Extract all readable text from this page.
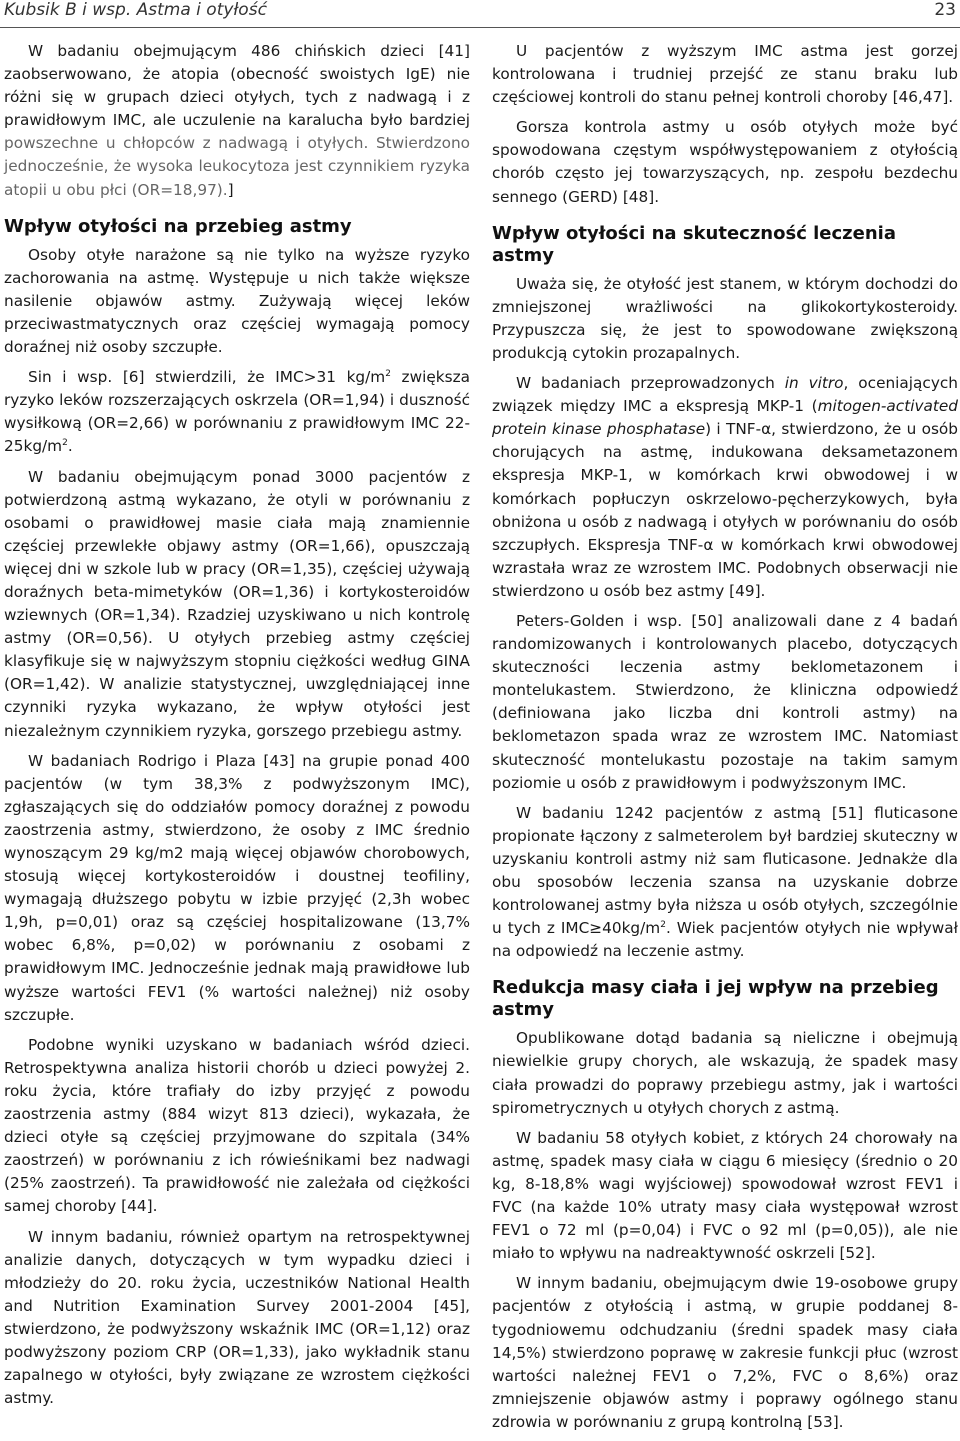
Kubsik B i wsp. Astma i otyłość	23

W badaniu obejmującym 486 chińskich dzieci [41] zaobserwowano, że atopia (obecność swoistych IgE) nie różni się w grupach dzieci otyłych, tych z nadwagą i z prawidłowym IMC, ale uczulenie na karalucha było bardziej powszechne u chłopców z nadwagą i otyłych. Stwierdzono jednocześnie, że wysoka leukocytoza jest czynnikiem ryzyka atopii u obu płci (OR=18,97).]

Wpływ otyłości na przebieg astmy

Osoby otyłe narażone są nie tylko na wyższe ryzyko zachorowania na astmę. Występuje u nich także większe nasilenie objawów astmy. Zużywają więcej leków przeciwastmatycznych oraz częściej wymagają pomocy doraźnej niż osoby szczupłe.

Sin i wsp. [6] stwierdzili, że IMC>31 $kg/m^2$ zwiększa ryzyko leków rozszerzających oskrzela (OR=1,94) i duszność wysiłkową (OR=2,66) w porównaniu z prawidłowym IMC $22-25kg/m^2$.

W badaniu obejmującym ponad 3000 pacjentów z potwierdzoną astmą wykazano, że otyli w porównaniu z osobami o prawidłowej masie ciała mają znamiennie częściej przewlekłe objawy astmy (OR=1,66), opuszczają więcej dni w szkole lub w pracy (OR=1,35), częściej używają doraźnych beta-mimetyków (OR=1,36) i kortykosteroidów wziewnych (OR=1,34). Rzadziej uzyskiwano u nich kontrolę astmy (OR=0,56). U otyłych przebieg astmy częściej klasyfikuje się w najwyższym stopniu ciężkości według GINA (OR=1,42). W analizie statystycznej, uwzględniającej inne czynniki ryzyka wykazano, że wpływ otyłości jest niezależnym czynnikiem ryzyka, gorszego przebiegu astmy.

W badaniach Rodrigo i Plaza [43] na grupie ponad 400 pacjentów (w tym 38,3% z podwyższonym IMC), zgłaszających się do oddziałów pomocy doraźnej z powodu zaostrzenia astmy, stwierdzono, że osoby z IMC średnio wynoszącym 29 kg/m2 mają więcej objawów chorobowych, stosują więcej kortykosteroidów i doustnej teofiliny, wymagają dłuższego pobytu w izbie przyjęć (2,3h wobec 1,9h, p=0,01) oraz są częściej hospitalizowane (13,7% wobec 6,8%, p=0,02) w porównaniu z osobami z prawidłowym IMC. Jednocześnie jednak mają prawidłowe lub wyższe wartości FEV1 (% wartości należnej) niż osoby szczupłe.

Podobne wyniki uzyskano w badaniach wśród dzieci. Retrospektywna analiza historii chorób u dzieci powyżej 2. roku życia, które trafiały do izby przyjęć z powodu zaostrzenia astmy (884 wizyt 813 dzieci), wykazała, że dzieci otyłe są częściej przyjmowane do szpitala (34% zaostrzeń) w porównaniu z ich rówieśnikami bez nadwagi (25% zaostrzeń). Ta prawidłowość nie zależała od ciężkości samej choroby [44].

W innym badaniu, również opartym na retrospektywnej analizie danych, dotyczących w tym wypadku dzieci i młodzieży do 20. roku życia, uczestników National Health and Nutrition Examination Survey 2001-2004 [45], stwierdzono, że podwyższony wskaźnik IMC (OR=1,12) oraz podwyższony poziom CRP (OR=1,33), jako wykładnik stanu zapalnego w otyłości, były związane ze wzrostem ciężkości astmy.

U pacjentów z wyższym IMC astma jest gorzej kontrolowana i trudniej przejść ze stanu braku lub częściowej kontroli do stanu pełnej kontroli choroby [46,47].

Gorsza kontrola astmy u osób otyłych może być spowodowana częstym współwystępowaniem z otyłością chorób często jej towarzyszących, np. zespołu bezdechu sennego (GERD) [48].

Wpływ otyłości na skuteczność leczenia astmy

Uważa się, że otyłość jest stanem, w którym dochodzi do zmniejszonej wrażliwości na glikokortykosteroidy. Przypuszcza się, że jest to spowodowane zwiększoną produkcją cytokin prozapalnych.

W badaniach przeprowadzonych in vitro, oceniających związek między IMC a ekspresją MKP-1 (mitogen-activated protein kinase phosphatase) i TNF-α, stwierdzono, że u osób chorujących na astmę, indukowana deksametazonem ekspresja MKP-1, w komórkach krwi obwodowej i w komórkach popłuczyn oskrzelowo-pęcherzykowych, była obniżona u osób z nadwagą i otyłych w porównaniu do osób szczupłych. Ekspresja TNF-α w komórkach krwi obwodowej wzrastała wraz ze wzrostem IMC. Podobnych obserwacji nie stwierdzono u osób bez astmy [49].

Peters-Golden i wsp. [50] analizowali dane z 4 badań randomizowanych i kontrolowanych placebo, dotyczących skuteczności leczenia astmy beklometazonem i montelukastem. Stwierdzono, że kliniczna odpowiedź (definiowana jako liczba dni kontroli astmy) na beklometazon spada wraz ze wzrostem IMC. Natomiast skuteczność montelukastu pozostaje na takim samym poziomie u osób z prawidłowym i podwyższonym IMC.

W badaniu 1242 pacjentów z astmą [51] fluticasone propionate łączony z salmeterolem był bardziej skuteczny w uzyskaniu kontroli astmy niż sam fluticasone. Jednakże dla obu sposobów leczenia szansa na uzyskanie dobrze kontrolowanej astmy była niższa u osób otyłych, szczególnie u tych z $IMC\ge 40kg/m^2$. Wiek pacjentów otyłych nie wpływał na odpowiedź na leczenie astmy.

Redukcja masy ciała i jej wpływ na przebieg astmy

Opublikowane dotąd badania są nieliczne i obejmują niewielkie grupy chorych, ale wskazują, że spadek masy ciała prowadzi do poprawy przebiegu astmy, jak i wartości spirometrycznych u otyłych chorych z astmą.

W badaniu 58 otyłych kobiet, z których 24 chorowały na astmę, spadek masy ciała w ciągu 6 miesięcy (średnio o 20 kg, 8-18,8% wagi wyjściowej) spowodował wzrost FEV1 i FVC (na każde 10% utraty masy ciała występował wzrost FEV1 o 72 ml (p=0,04) i FVC o 92 ml (p=0,05)), ale nie miało to wpływu na nadreaktywność oskrzeli [52].

W innym badaniu, obejmującym dwie 19-osobowe grupy pacjentów z otyłością i astmą, w grupie poddanej 8-tygodniowemu odchudzaniu (średni spadek masy ciała 14,5%) stwierdzono poprawę w zakresie funkcji płuc (wzrost wartości należnej FEV1 o 7,2%, FVC o 8,6%) oraz zmniejszenie objawów astmy i poprawy ogólnego stanu zdrowia w porównaniu z grupą kontrolną [53].
